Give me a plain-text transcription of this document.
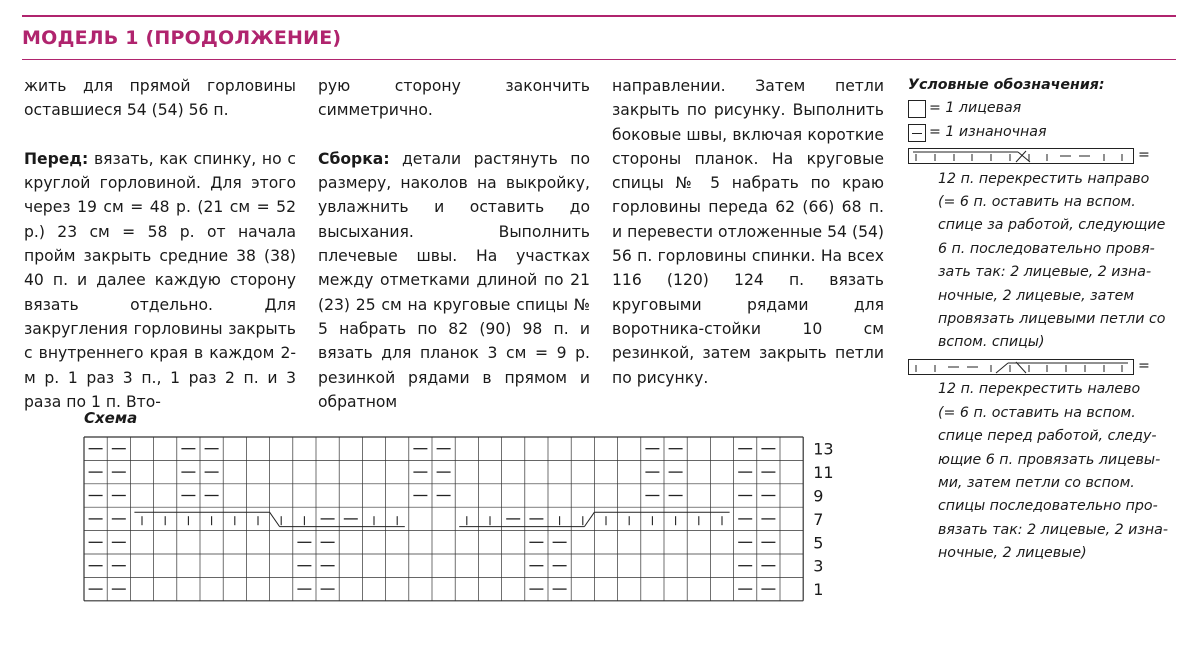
МОДЕЛЬ 1 (ПРОДОЛЖЕНИЕ)

жить для прямой горловины оставшиеся 54 (54) 56 п.

Перед: вязать, как спинку, но с круглой горловиной. Для этого через 19 см = 48 р. (21 см = 52 р.) 23 см = 58 р. от начала пройм закрыть средние 38 (38) 40 п. и далее каждую сторону вязать отдельно. Для закругления горловины закрыть с внутреннего края в каждом 2-м р. 1 раз 3 п., 1 раз 2 п. и 3 раза по 1 п. Вто-

рую сторону закончить симметрично.

Сборка: детали растянуть по размеру, наколов на выкройку, увлажнить и оставить до высыхания. Выполнить плечевые швы. На участках между отметками длиной по 21 (23) 25 см на круговые спицы № 5 набрать по 82 (90) 98 п. и вязать для планок 3 см = 9 р. резинкой рядами в прямом и обратном

направлении. Затем петли закрыть по рисунку. Выполнить боковые швы, включая короткие стороны планок. На круговые спицы № 5 набрать по краю горловины переда 62 (66) 68 п. и перевести отложенные 54 (54) 56 п. горловины спинки. На всех 116 (120) 124 п. вязать круговыми рядами для воротника-стойки 10 см резинкой, затем закрыть петли по рисунку.

Условные обозначения:
= 1 лицевая
= 1 изнаночная
=
12 п. перекрестить направо
(= 6 п. оставить на вспом.
спице за работой, следующие
6 п. последовательно провя-
зать так: 2 лицевые, 2 изна-
ночные, 2 лицевые, затем
провязать лицевыми петли со
вспом. спицы)
=
12 п. перекрестить налево
(= 6 п. оставить на вспом.
спице перед работой, следу-
ющие 6 п. провязать лицевы-
ми, затем петли со вспом.
спицы последовательно про-
вязать так: 2 лицевые, 2 изна-
ночные, 2 лицевые)
Схема
13
11
9
7
5
3
1
